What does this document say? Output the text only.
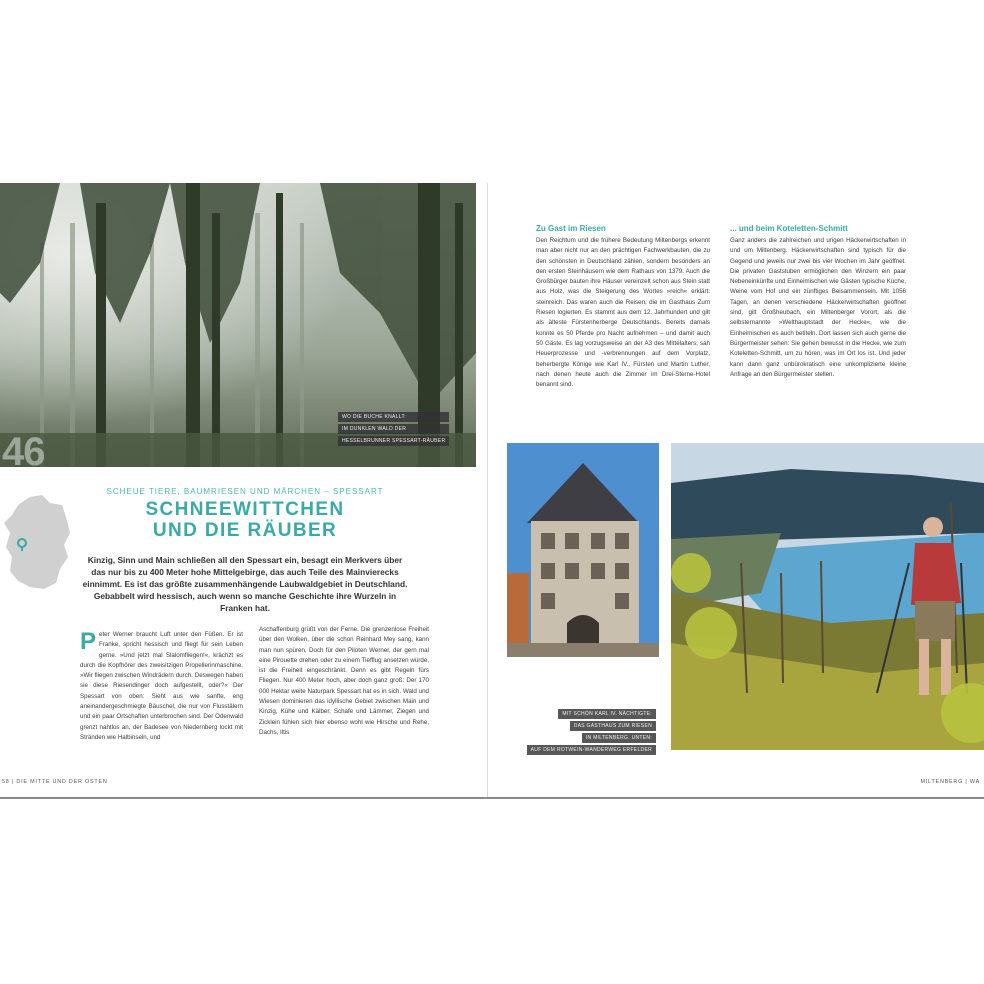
46
WO DIE BUCHE KNALLT:
IM DUNKLEN WALD DER
HESSELBRUNNER SPESSART-RÄUBER
SCHEUE TIERE, BAUMRIESEN UND MÄRCHEN – SPESSART
SCHNEEWITTCHEN
UND DIE RÄUBER
Kinzig, Sinn und Main schließen all den Spessart ein, besagt ein Merkvers über das nur bis zu 400 Meter hohe Mittelgebirge, das auch Teile des Mainvierecks einnimmt. Es ist das größte zusammenhängende Laubwaldgebiet in Deutschland. Gebabbelt wird hessisch, auch wenn so manche Geschichte ihre Wurzeln in Franken hat.
P eter Werner braucht Luft unter den Füßen. Er ist Franke, spricht hessisch und fliegt für sein Leben gerne. »Und jetzt mal Slalomfliegen!«, krächzt es durch die Kopfhörer des zweisitzigen Propellerinmaschine. »Wir fliegen zwischen Windrädern durch. Deswegen haben sie diese Riesendinger doch aufgestellt, oder?« Der Spessart von oben: Sieht aus wie sanfte, eng aneinandergeschmiegte Bäuschel, die nur von Flusstälern und ein paar Ortschaften unterbrochen sind. Der Odenwald grenzt nahtlos an, der Badesee von Niedernberg lockt mit Stränden wie Halbinseln, und
Aschaffenburg grüßt von der Ferne. Die grenzenlose Freiheit über den Wolken, über die schon Reinhard Mey sang, kann man nun spüren. Doch für den Piloten Werner, der gern mal eine Pirouette drehen oder zu einem Tiefflug ansetzen würde, ist die Freiheit eingeschränkt. Denn es gibt Regeln fürs Fliegen. Nur 400 Meter hoch, aber doch ganz groß: Der 170 000 Hektar weite Naturpark Spessart hat es in sich. Wald und Wiesen dominieren das idyllische Gebiet zwischen Main und Kinzig, Kühe und Kälber, Schafe und Lämmer, Ziegen und Zicklein fühlen sich hier ebenso wohl wie Hirsche und Rehe, Dachs, Iltis
Zu Gast im Riesen
Den Reichtum und die frühere Bedeutung Miltenbergs erkennt man aber nicht nur an den prächtigen Fachwerkbauten, die zu den schönsten in Deutschland zählen, sondern besonders an den ersten Steinhäusern wie dem Rathaus von 1379. Auch die Großbürger bauten ihre Häuser vereinzelt schon aus Stein statt aus Holz, was die Steigerung des Wortes »reich« erklärt: steinreich. Das waren auch die Reisen, die im Gasthaus Zum Riesen logierten. Es stammt aus dem 12. Jahrhundert und gilt als älteste Fürstenherberge Deutschlands. Bereits damals konnte es 50 Pferde pro Nacht aufnehmen – und damit auch 50 Gäste. Es lag vorzugsweise an der A3 des Mittelalters, sah Heuerprozesse und -verbrennungen auf dem Vorplatz, beherbergte Könige wie Karl IV., Fürsten und Martin Luther, nach denen heute auch die Zimmer im Drei-Sterne-Hotel benannt sind.
... und beim Koteletten-Schmitt
Ganz anders die zahlreichen und urigen Häckerwirtschaften in und um Miltenberg. Häckerwirtschaften sind typisch für die Gegend und jeweils nur zwei bis vier Wochen im Jahr geöffnet. Die privaten Gaststuben ermöglichen den Winzern ein paar Nebeneinkünfte und Einheimischen wie Gästen typische Küche, Weine vom Hof und ein zünftiges Beisammensein. Mit 1056 Tagen, an denen verschiedene Häckerwirtschaften geöffnet sind, gilt Großheubach, ein Miltenberger Vorort, als die selbsternannte »Welthauptstadt der Hecke«, wie die Einheimischen es auch betiteln. Dort lassen sich auch gerne die Bürgermeister sehen: Sie gehen bewusst in die Hecke, wie zum Koteletten-Schmitt, um zu hören, was im Ort los ist. Und jeder kann dann ganz unbürokratisch eine unkomplizierte kleine Anfrage an den Bürgermeister stellen.
MIT SCHÖN KARL IV. NÄCHTIGTE:
DAS GASTHAUS ZUM RIESEN
IN MILTENBERG. UNTEN:
AUF DEM ROTWEIN-WANDERWEG ERFELDER
58 | DIE MITTE UND DER OSTEN	MILTENBERG | WA
